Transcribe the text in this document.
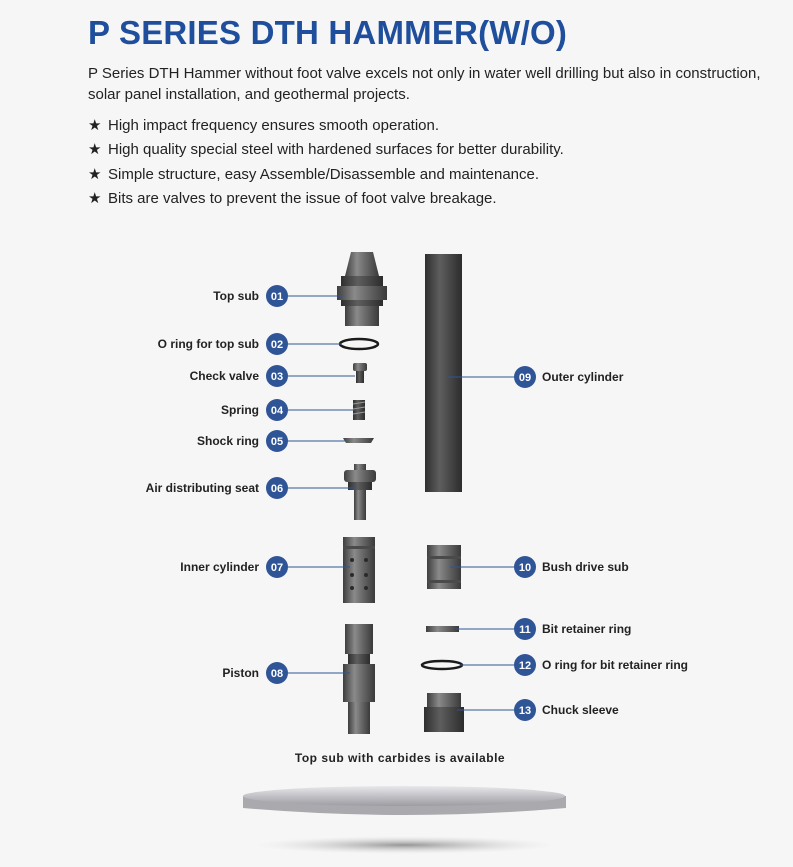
P SERIES DTH HAMMER(W/O)

P Series DTH Hammer without foot valve excels not only in water well drilling but also in construction, solar panel installation, and geothermal projects.

★ High impact frequency ensures smooth operation.
★ High quality special steel with hardened surfaces for better durability.
★ Simple structure, easy Assemble/Disassemble and maintenance.
★ Bits are valves to prevent the issue of foot valve breakage.
Top sub 01
O ring for top sub 02
Check valve 03
Spring 04
Shock ring 05
Air distributing seat 06
Inner cylinder 07
Piston 08
09 Outer cylinder
10 Bush drive sub
11 Bit retainer ring
12 O ring for bit retainer ring
13 Chuck sleeve
Top sub with carbides is available
